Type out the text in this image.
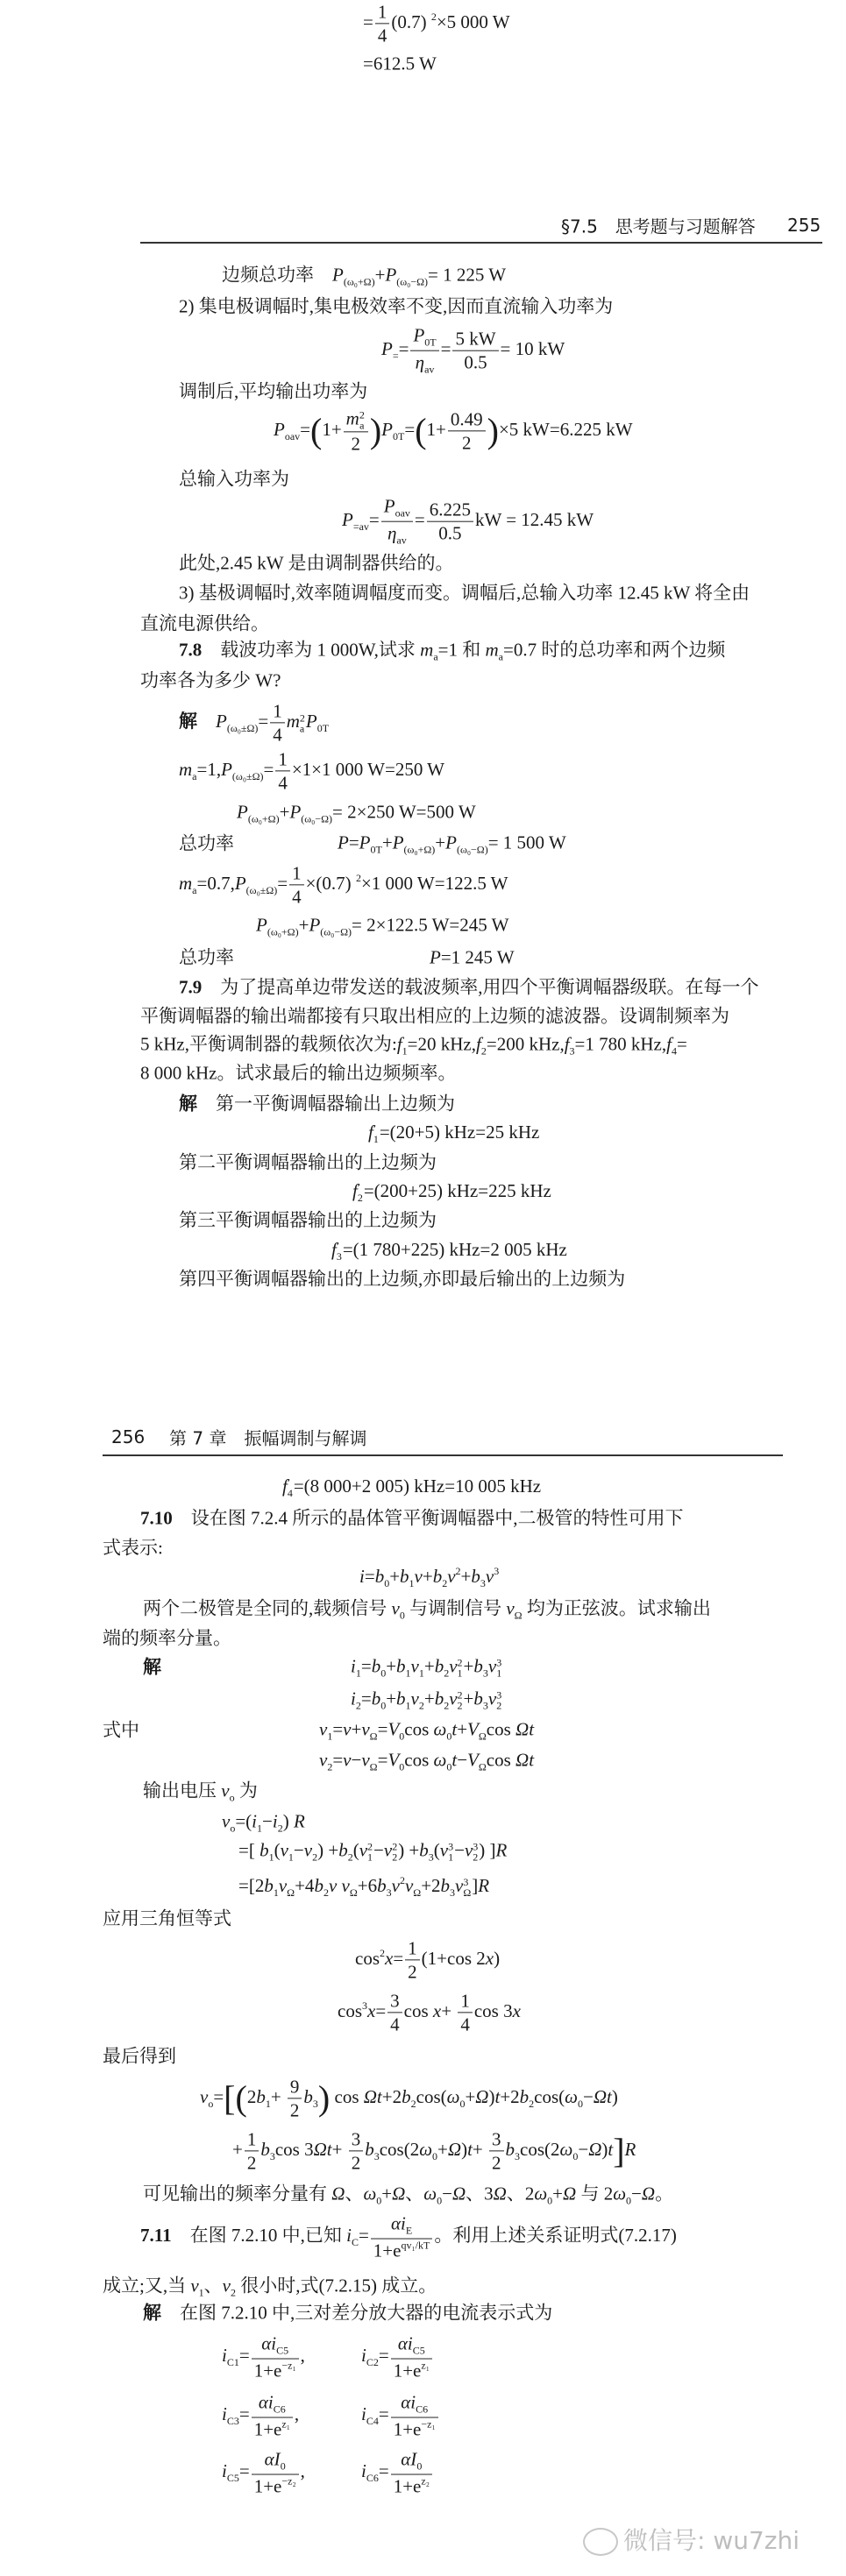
= $\frac{1}{4} (0.7)$ $^2$×5 000 W
=612.5 W
§7.5　思考题与习题解答 255
边频总功率　$P_{(\omega_0+\Omega)}+P_{(\omega_0-\Omega)}= 1$ 225 W
2) 集电极调幅时,集电极效率不变,因而直流输入功率为
$P_== \frac{P_{0T}}{\eta_{av}} = \frac{5 kW}{0.5} = 10$ kW
调制后,平均输出功率为
$P_{oav}=(1+ m$ 2
a
2 )$P_{0T}=(1+ \frac{0.49}{2} )\times 5$ kW=6.225 kW
总输入功率为
$P_{=av}= \frac{P_{oav}}{\eta_{av}} = \frac{6.225}{0.5}$ kW = 12.45 kW
此处,2.45 kW 是由调制器供给的。
3) 基极调幅时,效率随调幅度而变。调幅后,总输入功率 12.45 kW 将全由
直流电源供给。
7.8　载波功率为 1 000W,试求 $m_a=1$ 和 $m_a=0.7$ 时的总功率和两个边频
功率各为多少 W?
解　 $P_{(\omega_0\pm\Omega)}= \frac{1}{4}$ m 2
a $P_{0T}$
$m_a=1,P_{(\omega_0\pm\Omega)}= \frac{1}{4} \times 1\times 1$ 000 W=250 W
$P_{(\omega_0+\Omega)}+P_{(\omega_0-\Omega)}= 2\times 250$ W=500 W
总功率	$P=P_{0T}+P_{(\omega_0+\Omega)}+P_{(\omega_0-\Omega)}= 1$ 500 W
$m_a=0.7,P_{(\omega_0\pm\Omega)}= \frac{1}{4} \times(0.7)$ $^2$×1 000 W=122.5 W
$P_{(\omega_0+\Omega)}+P_{(\omega_0-\Omega)}= 2\times 122.5$ W=245 W
总功率	P=1 245 W
7.9　为了提高单边带发送的载波频率,用四个平衡调幅器级联。在每一个
平衡调幅器的输出端都接有只取出相应的上边频的滤波器。设调制频率为
5 kHz,平衡调制器的载频依次为$:f_1=20$ $kHz,f_2=200$ $kHz,f_3=1$ 780 $kHz,f_4=$
8 000 kHz。试求最后的输出边频频率。
解　第一平衡调幅器输出上边频为
f ′
1 =(20+5) kHz=25 kHz
第二平衡调幅器输出的上边频为
f ′
2 =(200+25) kHz=225 kHz
第三平衡调幅器输出的上边频为
f ′
3 =(1 780+225) kHz=2 005 kHz
第四平衡调幅器输出的上边频,亦即最后输出的上边频为
256 第 7 章　振幅调制与解调
f ′
4 =(8 000+2 005) kHz=10 005 kHz
7.10　设在图 7.2.4 所示的晶体管平衡调幅器中,二极管的特性可用下
式表示:
$i=b_0+b_1v+b_2v^2+b_3v^3$
两个二极管是全同的,载频信号 $v_0$ 与调制信号 $v_\Omega$ 均为正弦波。试求输出
端的频率分量。
解	$i_1=b_0+b_1v_1+b_2v$ 2
$1 +b_3v$ 3
1
$i_2=b_0+b_1v_2+b_2v$ 2
$2 +b_3v$ 3
2
式中	$v_1=v+v_\Omega=V_0\cos$ $\omega_0t+V_\Omega\cos$ Ωt
$v_2=v-v_\Omega=V_0\cos$ $\omega_0t-V_\Omega\cos$ Ωt
输出电压 $v_o$ 为
$v_o=(i_1-i_2)$ R
=[ $b_1(v_1-v_2) +b_2(v$ 2
1 −v 2
2 ) $+b_3(v$ 3
1 −v 3
2 ) ]R
$=[2b_1v_\Omega+4b_2v$ $v_\Omega+6b_3v^2v_\Omega+2b_3v$ 3
Ω ]R
应用三角恒等式
$\cos^2x= \frac{1}{2} (1+\cos$ 2x)
$\cos^3x= \frac{3}{4}$ $\cos x+ \frac{1}{4}$ cos 3x
最后得到
$v_o=[(2b_1+ \frac{9}{2} b_3)$ $\cos \Omega t+2b_2\cos(\omega_0+\Omega)t+2b_2\cos(\omega_0-\Omega t)$
+ $\frac{1}{2} b_3\cos$ $3\Omega t+ \frac{3}{2} b_3\cos(2\omega_0+\Omega)t+ \frac{3}{2} b_3\cos(2\omega_0-\Omega)t]R$
可见输出的频率分量有 Ω、$\omega_0+\Omega$、$\omega_0-\Omega$、3Ω、$2\omega_0+\Omega$ 与 $2\omega_0-\Omega$。
7.11　在图 7.2.10 中,已知 $i_C= \frac{\alpha i_E}{1+e^{qv_1/kT}}$ 。利用上述关系证明式(7.2.17)
成立;又,当 $v_1$、$v_2$ 很小时,式(7.2.15) 成立。
解　在图 7.2.10 中,三对差分放大器的电流表示式为
$i_{C1}= \frac{\alpha i_{C5}}{1+e^{-z_1}}$ ,	$i_{C2}= \frac{\alpha i_{C5}}{1+e^{z_1}}$
$i_{C3}= \frac{\alpha i_{C6}}{1+e^{z_1}}$ ,	$i_{C4}= \frac{\alpha i_{C6}}{1+e^{-z_1}}$
$i_{C5}= \frac{\alpha I_0}{1+e^{-z_2}}$ ,	$i_{C6}= \frac{\alpha I_0}{1+e^{z_2}}$
微信号: wu7zhi
